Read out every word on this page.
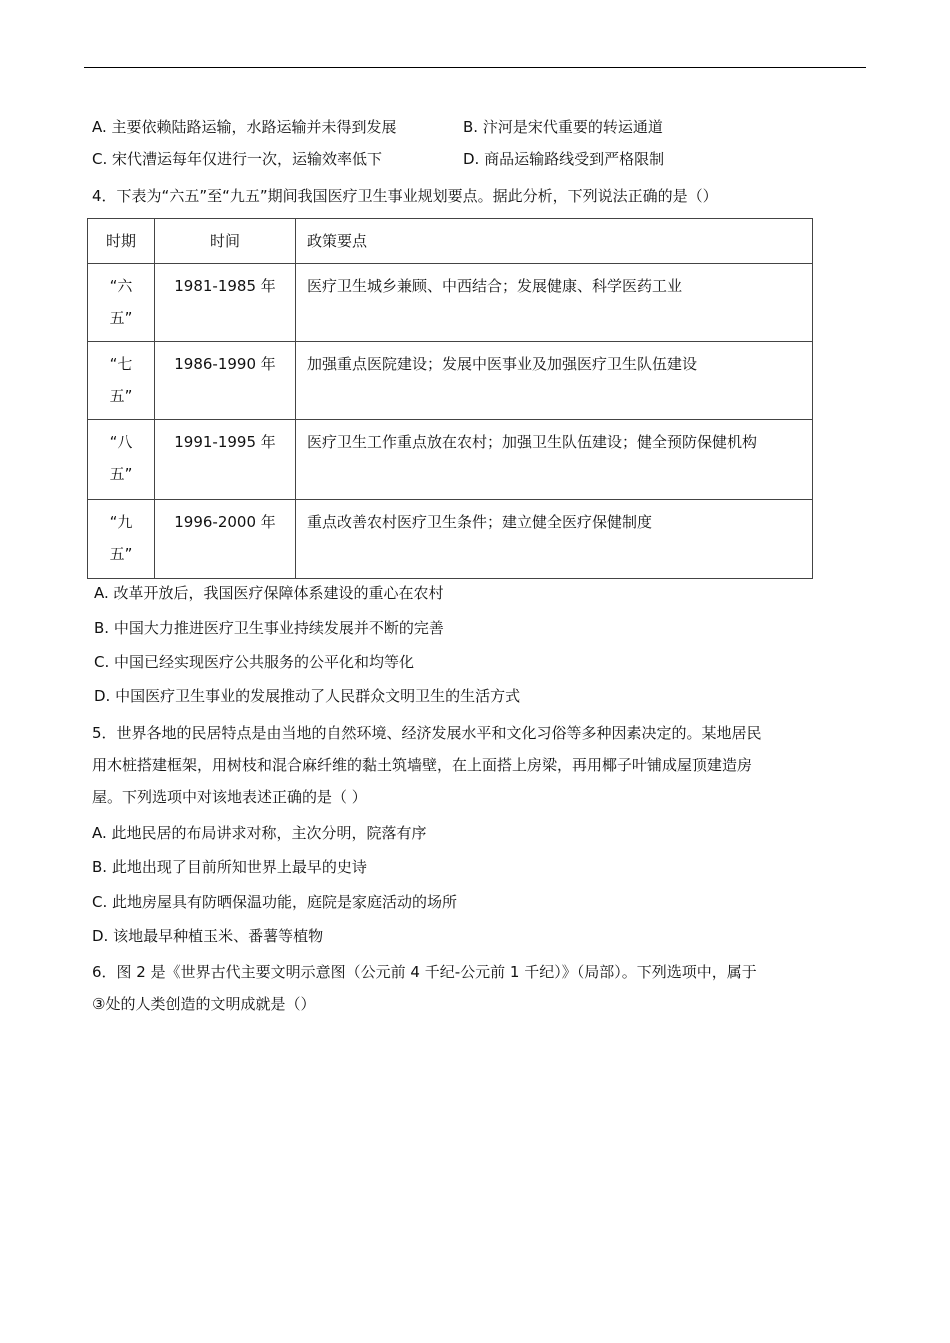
A. 主要依赖陆路运输，水路运输并未得到发展	B. 汴河是宋代重要的转运通道
C. 宋代漕运每年仅进行一次，运输效率低下	D. 商品运输路线受到严格限制
4．下表为“六五”至“九五”期间我国医疗卫生事业规划要点。据此分析，下列说法正确的是（）
时期	时间	政策要点

“六
五”	1981-1985 年	医疗卫生城乡兼顾、中西结合；发展健康、科学医药工业

“七
五”	1986-1990 年	加强重点医院建设；发展中医事业及加强医疗卫生队伍建设

“八
五”	1991-1995 年	医疗卫生工作重点放在农村；加强卫生队伍建设；健全预防保健机构

“九
五”	1996-2000 年	重点改善农村医疗卫生条件；建立健全医疗保健制度
A. 改革开放后，我国医疗保障体系建设的重心在农村
B. 中国大力推进医疗卫生事业持续发展并不断的完善
C. 中国已经实现医疗公共服务的公平化和均等化
D. 中国医疗卫生事业的发展推动了人民群众文明卫生的生活方式
5．世界各地的民居特点是由当地的自然环境、经济发展水平和文化习俗等多种因素决定的。某地居民
用木桩搭建框架，用树枝和混合麻纤维的黏土筑墙壁，在上面搭上房梁，再用椰子叶铺成屋顶建造房
屋。下列选项中对该地表述正确的是（ ）
A. 此地民居的布局讲求对称，主次分明，院落有序
B. 此地出现了目前所知世界上最早的史诗
C. 此地房屋具有防晒保温功能，庭院是家庭活动的场所
D. 该地最早种植玉米、番薯等植物
6．图 2 是《世界古代主要文明示意图（公元前 4 千纪-公元前 1 千纪）》（局部）。下列选项中，属于
③处的人类创造的文明成就是（）
